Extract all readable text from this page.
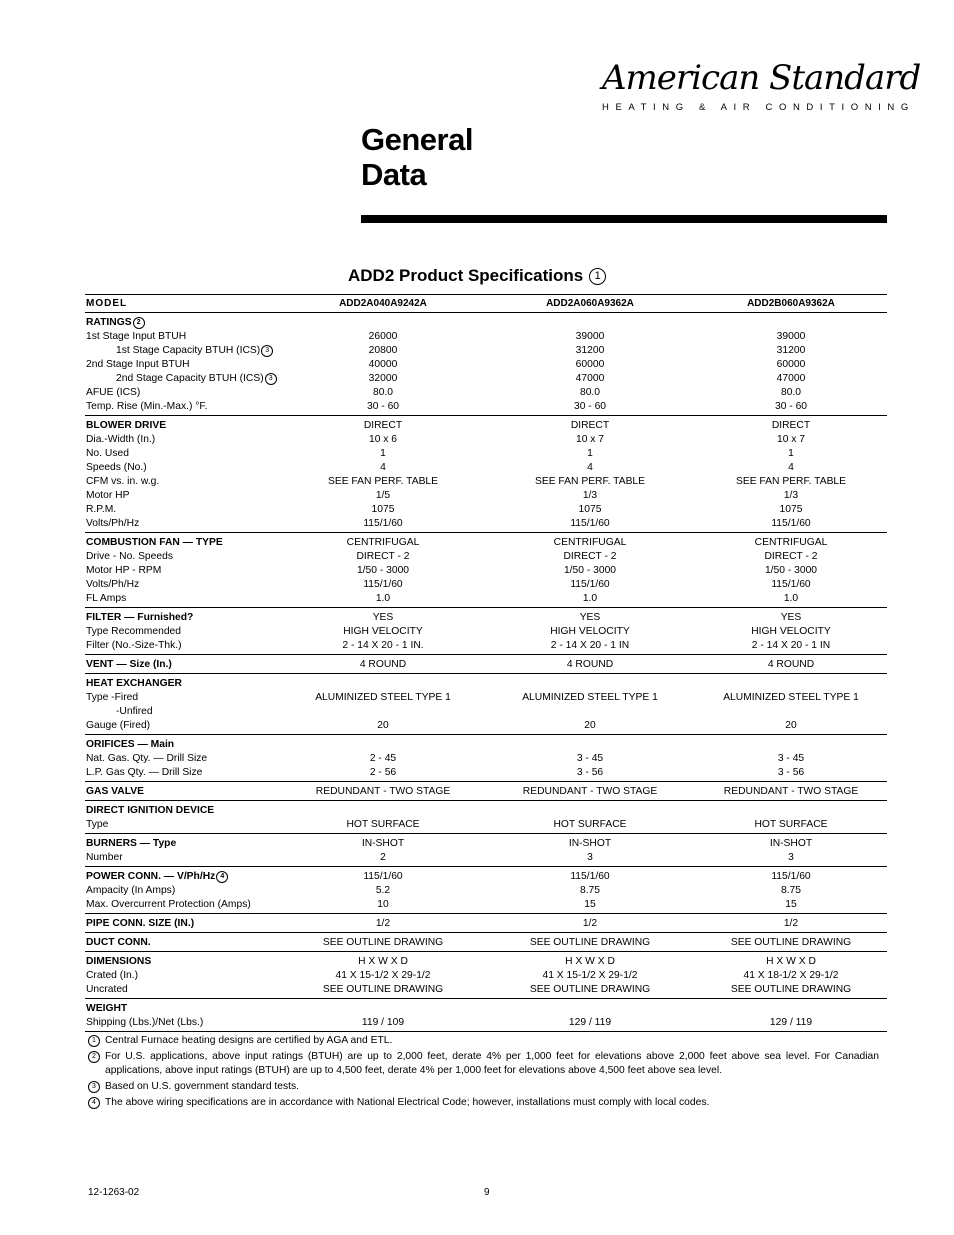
American Standard
HEATING & AIR CONDITIONING
General
Data
ADD2 Product Specifications 1
MODEL	ADD2A040A9242A	ADD2A060A9362A	ADD2B060A9362A
RATINGS 2
1st Stage Input BTUH	26000	39000	39000
1st Stage Capacity BTUH (ICS) 3	20800	31200	31200
2nd Stage Input BTUH	40000	60000	60000
2nd Stage Capacity BTUH (ICS) 3	32000	47000	47000
AFUE (ICS)	80.0	80.0	80.0
Temp. Rise (Min.-Max.) °F.	30 - 60	30 - 60	30 - 60
BLOWER DRIVE	DIRECT	DIRECT	DIRECT
Dia.-Width (In.)	10 x 6	10 x 7	10 x 7
No. Used	1	1	1
Speeds (No.)	4	4	4
CFM vs. in. w.g.	SEE FAN PERF. TABLE	SEE FAN PERF. TABLE	SEE FAN PERF. TABLE
Motor HP	1/5	1/3	1/3
R.P.M.	1075	1075	1075
Volts/Ph/Hz	115/1/60	115/1/60	115/1/60
COMBUSTION FAN — TYPE	CENTRIFUGAL	CENTRIFUGAL	CENTRIFUGAL
Drive - No. Speeds	DIRECT - 2	DIRECT - 2	DIRECT - 2
Motor HP - RPM	1/50 - 3000	1/50 - 3000	1/50 - 3000
Volts/Ph/Hz	115/1/60	115/1/60	115/1/60
FL Amps	1.0	1.0	1.0
FILTER — Furnished?	YES	YES	YES
Type Recommended	HIGH VELOCITY	HIGH VELOCITY	HIGH VELOCITY
Filter (No.-Size-Thk.)	2 - 14 X 20 - 1 IN.	2 - 14 X 20 - 1 IN	2 - 14 X 20 - 1 IN
VENT — Size (In.)	4 ROUND	4 ROUND	4 ROUND
HEAT EXCHANGER
Type -Fired	ALUMINIZED STEEL TYPE 1	ALUMINIZED STEEL TYPE 1	ALUMINIZED STEEL TYPE 1
-Unfired
Gauge (Fired)	20	20	20
ORIFICES — Main
Nat. Gas. Qty. — Drill Size	2 - 45	3 - 45	3 - 45
L.P. Gas Qty. — Drill Size	2 - 56	3 - 56	3 - 56
GAS VALVE	REDUNDANT - TWO STAGE	REDUNDANT - TWO STAGE	REDUNDANT - TWO STAGE
DIRECT IGNITION DEVICE
Type	HOT SURFACE	HOT SURFACE	HOT SURFACE
BURNERS — Type	IN-SHOT	IN-SHOT	IN-SHOT
Number	2	3	3
POWER CONN. — V/Ph/Hz 4	115/1/60	115/1/60	115/1/60
Ampacity (In Amps)	5.2	8.75	8.75
Max. Overcurrent Protection (Amps)	10	15	15
PIPE CONN. SIZE (IN.)	1/2	1/2	1/2
DUCT CONN.	SEE OUTLINE DRAWING	SEE OUTLINE DRAWING	SEE OUTLINE DRAWING
DIMENSIONS	H X W X D	H X W X D	H X W X D
Crated (In.)	41 X 15-1/2 X 29-1/2	41 X 15-1/2 X 29-1/2	41 X 18-1/2 X 29-1/2
Uncrated	SEE OUTLINE DRAWING	SEE OUTLINE DRAWING	SEE OUTLINE DRAWING
WEIGHT
Shipping (Lbs.)/Net (Lbs.)	119 / 109	129 / 119	129 / 119
1 Central Furnace heating designs are certified by AGA and ETL.
2 For U.S. applications, above input ratings (BTUH) are up to 2,000 feet, derate 4% per 1,000 feet for elevations above 2,000 feet above sea level. For Canadian applications, above input ratings (BTUH) are up to 4,500 feet, derate 4% per 1,000 feet for elevations above 4,500 feet above sea level.
3 Based on U.S. government standard tests.
4 The above wiring specifications are in accordance with National Electrical Code; however, installations must comply with local codes.
12-1263-02	9
